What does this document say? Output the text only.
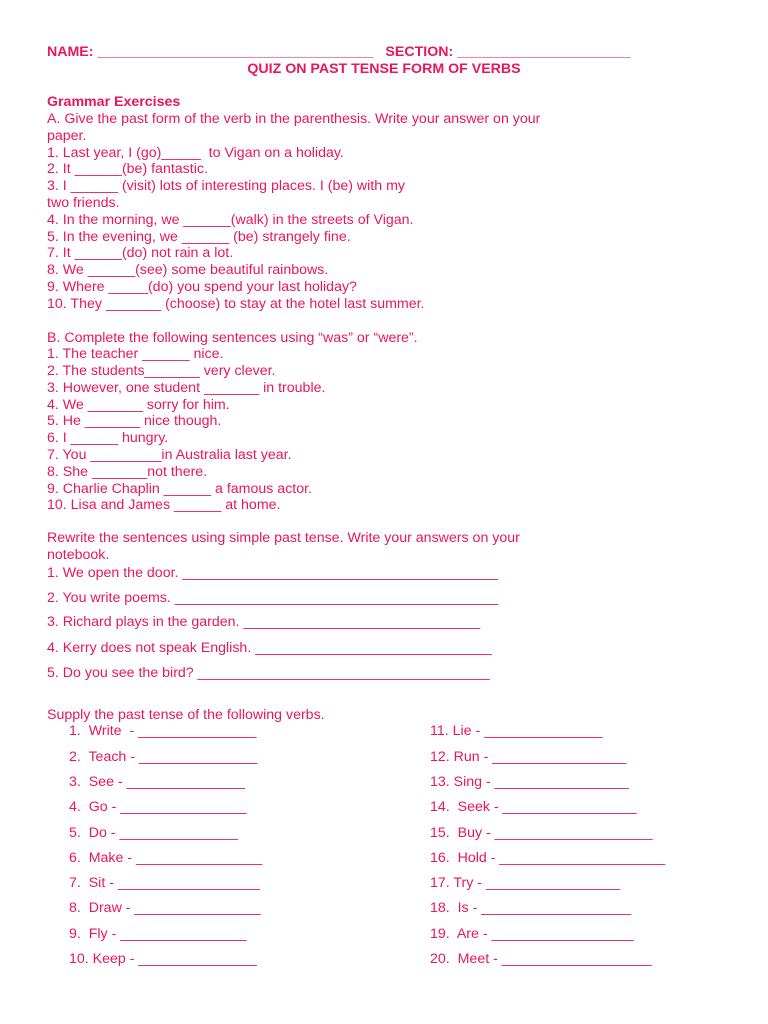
NAME: ___________________________________   SECTION: ______________________
QUIZ ON PAST TENSE FORM OF VERBS
Grammar Exercises
A. Give the past form of the verb in the parenthesis. Write your answer on your
paper.
1. Last year, I (go)_____  to Vigan on a holiday.
2. It ______(be) fantastic.
3. I ______ (visit) lots of interesting places. I (be) with my
two friends.
4. In the morning, we ______(walk) in the streets of Vigan.
5. In the evening, we ______ (be) strangely fine.
7. It ______(do) not rain a lot.
8. We ______(see) some beautiful rainbows.
9. Where _____(do) you spend your last holiday?
10. They _______ (choose) to stay at the hotel last summer.
B. Complete the following sentences using “was” or “were”.
1. The teacher ______ nice.
2. The students_______ very clever.
3. However, one student _______ in trouble.
4. We _______ sorry for him.
5. He _______ nice though.
6. I ______ hungry.
7. You _________in Australia last year.
8. She _______not there.
9. Charlie Chaplin ______ a famous actor.
10. Lisa and James ______ at home.
Rewrite the sentences using simple past tense. Write your answers on your
notebook.
1. We open the door. ________________________________________
2. You write poems. _________________________________________
3. Richard plays in the garden. ______________________________
4. Kerry does not speak English. ______________________________
5. Do you see the bird? _____________________________________
Supply the past tense of the following verbs.
1.  Write  - _______________
2.  Teach - _______________
3.  See - _______________
4.  Go - ________________
5.  Do - _______________
6.  Make - ________________
7.  Sit - __________________
8.  Draw - ________________
9.  Fly - ________________
10. Keep - _______________
11. Lie - _______________
12. Run - _________________
13. Sing - _________________
14.  Seek - _________________
15.  Buy - ____________________
16.  Hold - _____________________
17. Try - _________________
18.  Is - ___________________
19.  Are - __________________
20.  Meet - ___________________
